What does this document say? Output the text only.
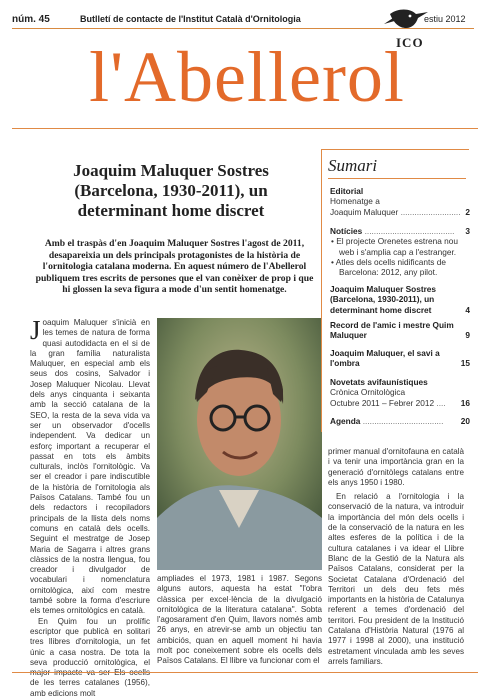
núm. 45	Butlletí de contacte de l'Institut Català d'Ornitologia	estiu 2012
ICO
l'Abellerol
Joaquim Maluquer Sostres (Barcelona, 1930-2011), un determinant home discret
Amb el traspàs d'en Joaquim Maluquer Sostres l'agost de 2011, desapareixia un dels principals protagonistes de la història de l'ornitologia catalana moderna. En aquest número de l'Abellerol publiquem tres escrits de persones que el van conèixer de prop i que hi glossen la seva figura a mode d'un sentit homenatge.

Joaquim Maluquer s'inicià en les temes de natura de forma quasi autodidacta en el si de la gran família naturalista Maluquer, en especial amb els seus dos cosins, Salvador i Josep Maluquer Nicolau. Llevat dels anys cinquanta i seixanta amb la secció catalana de la SEO, la resta de la seva vida va ser un observador d'ocells independent. Va dedicar un esforç important a recuperar el passat en tots els àmbits culturals, inclòs l'ornitològic. Va ser el creador i pare indiscutible de la història de l'ornitologia als Països Catalans. També fou un dels redactors i recopiladors principals de la llista dels noms comuns en català dels ocells. Seguint el mestratge de Josep Maria de Sagarra i altres grans clàssics de la nostra llengua, fou creador i divulgador de vocabulari i nomenclatura ornitològica, així com mestre també sobre la forma d'escriure els temes ornitològics en català.

En Quim fou un prolífic escriptor que publicà en solitari tres llibres d'ornitologia, un fet únic a casa nostra. De tota la seva producció ornitològica, el de les terres catalanes (1956), amb edicions molt

ampliades el 1973, 1981 i 1987. Segons alguns autors, aquesta ha estat "l'obra clàssica per excel·lència de la divulgació ornitològica de la literatura catalana". Sobta l'agosarament d'en Quim, llavors només amb 26 anys, en atrevir-se amb un objectiu tan ambiciós, quan en aquell moment hi havia molt poc coneixement sobre els ocells dels Països Catalans. El llibre va funcionar com el

primer manual d'ornitofauna en català i va tenir una importància gran en la generació d'ornitòlegs catalans entre els anys 1950 i 1980.

En relació a l'ornitologia i la conservació de la natura, va introduir la importància del món dels ocells i de la conservació de la natura en les altes esferes de la política i de la cultura catalanes i va idear el Llibre Blanc de la Gestió de la Natura als Països Catalans, considerat per la Societat Catalana d'Ordenació del Territori un dels deu fets més importants en la història de Catalunya referent a temes d'ordenació del territori. Fou president de la Institució Catalana d'Història Natural (1976 al 1977 i 1998 al 2000), una institució estretament vinculada amb les seves arrels familiars.

Sumari
Editorial
Homenatge a
Joaquim Maluquer .......................... 2
Notícies ....................................... 3
• El projecte Orenetes estrena nou web i s'amplia cap a l'estranger.
• Atles dels ocells nidificants de Barcelona: 2012, any pilot.
Joaquim Maluquer Sostres (Barcelona, 1930-2011), un determinant home discret	4
Record de l'amic i mestre Quim Maluquer	9
Joaquim Maluquer, el savi a l'ombra	15
Novetats avifaunístiques
Crònica Ornitològica
Octubre 2011 – Febrer 2012 .... 16
Agenda ................................... 20
